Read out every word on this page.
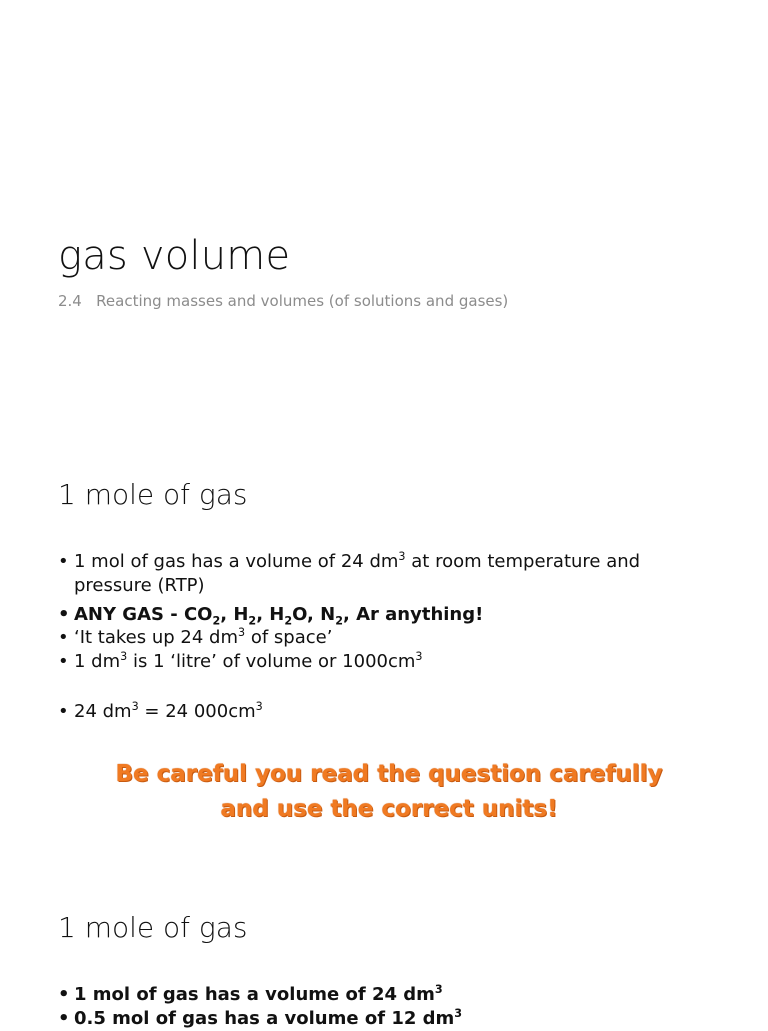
gas volume

2.4   Reacting masses and volumes (of solutions and gases)

1 mole of gas
• 1 mol of gas has a volume of 24 $dm^3$ at room temperature and pressure (RTP)
• ANY GAS - $CO_2$, $H_2$, $H_2O$, $N_2$, Ar anything!
• ‘It takes up 24 $dm^3$ of space’
• 1 $dm^3$ is 1 ‘litre’ of volume or $1000cm^3$
• 24 $dm^3 = 24$ $000cm^3$
Be careful you read the question carefully
and use the correct units!
1 mole of gas
• 1 mol of gas has a volume of 24 $dm^3$
• 0.5 mol of gas has a volume of 12 $dm^3$
